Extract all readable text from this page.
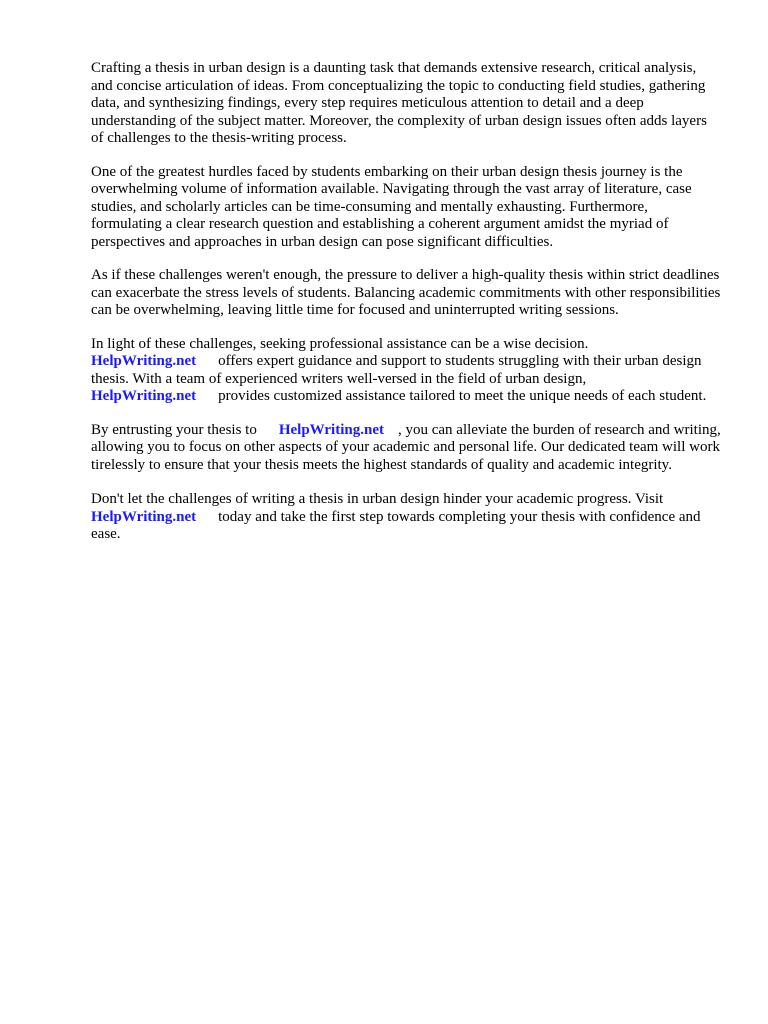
Crafting a thesis in urban design is a daunting task that demands extensive research, critical analysis, and concise articulation of ideas. From conceptualizing the topic to conducting field studies, gathering data, and synthesizing findings, every step requires meticulous attention to detail and a deep understanding of the subject matter. Moreover, the complexity of urban design issues often adds layers of challenges to the thesis-writing process.

One of the greatest hurdles faced by students embarking on their urban design thesis journey is the overwhelming volume of information available. Navigating through the vast array of literature, case studies, and scholarly articles can be time-consuming and mentally exhausting. Furthermore, formulating a clear research question and establishing a coherent argument amidst the myriad of perspectives and approaches in urban design can pose significant difficulties.

As if these challenges weren't enough, the pressure to deliver a high-quality thesis within strict deadlines can exacerbate the stress levels of students. Balancing academic commitments with other responsibilities can be overwhelming, leaving little time for focused and uninterrupted writing sessions.

In light of these challenges, seeking professional assistance can be a wise decision.
HelpWriting.net offers expert guidance and support to students struggling with their urban design thesis. With a team of experienced writers well-versed in the field of urban design,
HelpWriting.net provides customized assistance tailored to meet the unique needs of each student.

By entrusting your thesis to HelpWriting.net , you can alleviate the burden of research and writing, allowing you to focus on other aspects of your academic and personal life. Our dedicated team will work tirelessly to ensure that your thesis meets the highest standards of quality and academic integrity.

Don't let the challenges of writing a thesis in urban design hinder your academic progress. Visit
HelpWriting.net today and take the first step towards completing your thesis with confidence and ease.
